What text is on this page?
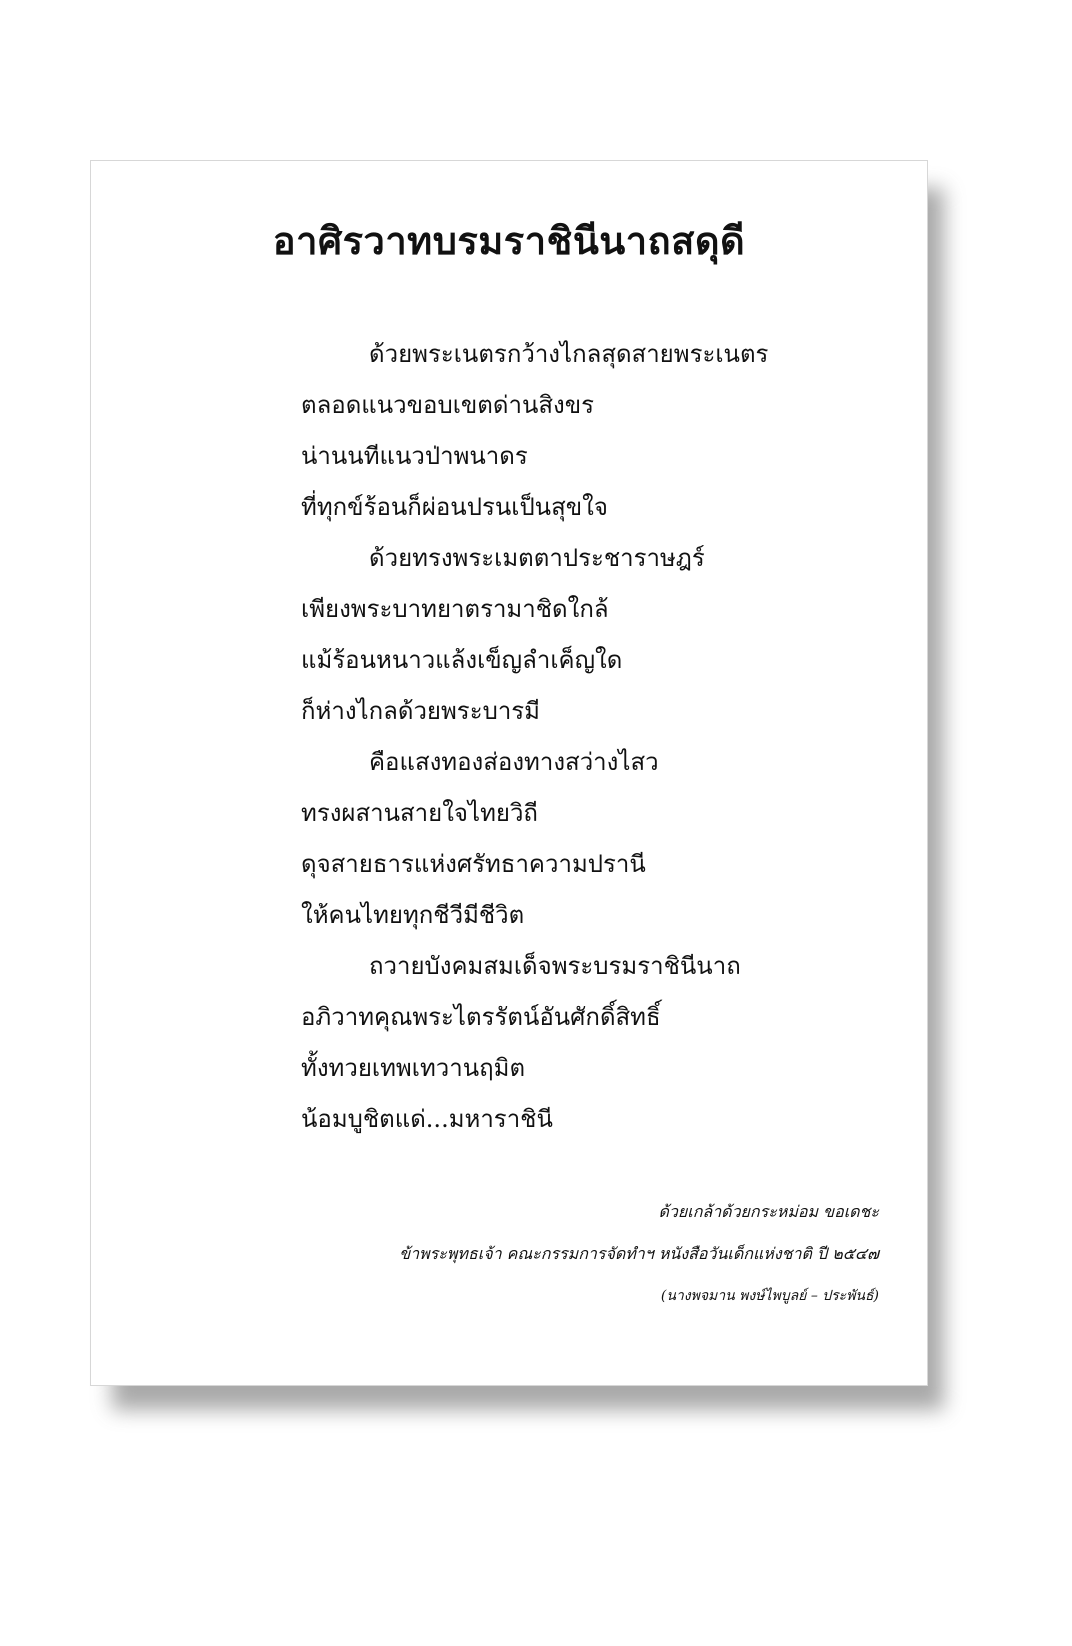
อาศิรวาทบรมราชินีนาถสดุดี
ด้วยพระเนตรกว้างไกลสุดสายพระเนตร
ตลอดแนวขอบเขตด่านสิงขร
น่านนทีแนวป่าพนาดร
ที่ทุกข์ร้อนก็ผ่อนปรนเป็นสุขใจ
ด้วยทรงพระเมตตาประชาราษฎร์
เพียงพระบาทยาตรามาชิดใกล้
แม้ร้อนหนาวแล้งเข็ญลำเค็ญใด
ก็ห่างไกลด้วยพระบารมี
คือแสงทองส่องทางสว่างไสว
ทรงผสานสายใจไทยวิถี
ดุจสายธารแห่งศรัทธาความปรานี
ให้คนไทยทุกชีวีมีชีวิต
ถวายบังคมสมเด็จพระบรมราชินีนาถ
อภิวาทคุณพระไตรรัตน์อันศักดิ์สิทธิ์
ทั้งทวยเทพเทวานฤมิต
น้อมบูชิตแด่...มหาราชินี
ด้วยเกล้าด้วยกระหม่อม ขอเดชะ
ข้าพระพุทธเจ้า คณะกรรมการจัดทำฯ หนังสือวันเด็กแห่งชาติ ปี ๒๕๔๗
(นางพจมาน พงษ์ไพบูลย์ – ประพันธ์)
